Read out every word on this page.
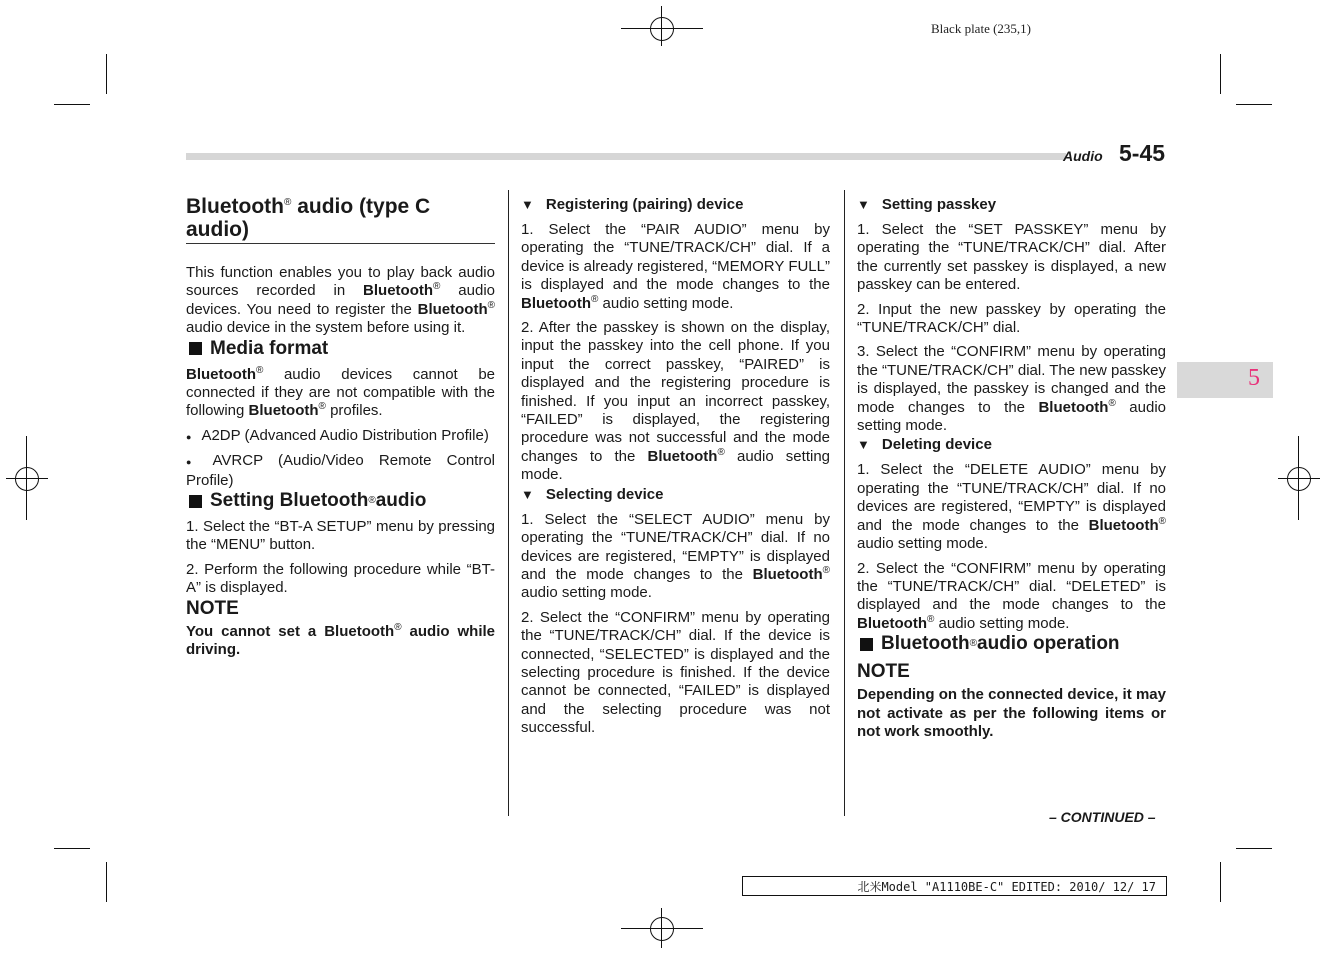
Black plate (235,1)
Audio 5-45
5
Bluetooth® audio (type C audio)

This function enables you to play back audio sources recorded in Bluetooth® audio devices. You need to register the Bluetooth® audio device in the system before using it.

Media format

Bluetooth® audio devices cannot be connected if they are not compatible with the following Bluetooth® profiles.

● A2DP (Advanced Audio Distribution Profile)

● AVRCP (Audio/Video Remote Control Profile)

Setting Bluetooth ® audio

1. Select the “BT-A SETUP” menu by pressing the “MENU” button.

2. Perform the following procedure while “BT-A” is displayed.

NOTE

You cannot set a Bluetooth® audio while driving.

▼ Registering (pairing) device

1. Select the “PAIR AUDIO” menu by operating the “TUNE/TRACK/CH” dial. If a device is already registered, “MEMORY FULL” is displayed and the mode changes to the Bluetooth® audio setting mode.

2. After the passkey is shown on the display, input the passkey into the cell phone. If you input the correct passkey, “PAIRED” is displayed and the registering procedure is finished. If you input an incorrect passkey, “FAILED” is displayed, the registering procedure was not successful and the mode changes to the Bluetooth® audio setting mode.

▼ Selecting device

1. Select the “SELECT AUDIO” menu by operating the “TUNE/TRACK/CH” dial. If no devices are registered, “EMPTY” is displayed and the mode changes to the Bluetooth® audio setting mode.

2. Select the “CONFIRM” menu by operating the “TUNE/TRACK/CH” dial. If the device is connected, “SELECTED” is displayed and the selecting procedure is finished. If the device cannot be connected, “FAILED” is displayed and the selecting procedure was not successful.

▼ Setting passkey

1. Select the “SET PASSKEY” menu by operating the “TUNE/TRACK/CH” dial. After the currently set passkey is displayed, a new passkey can be entered.

2. Input the new passkey by operating the “TUNE/TRACK/CH” dial.

3. Select the “CONFIRM” menu by operating the “TUNE/TRACK/CH” dial. The new passkey is displayed, the passkey is changed and the mode changes to the Bluetooth® audio setting mode.

▼ Deleting device

1. Select the “DELETE AUDIO” menu by operating the “TUNE/TRACK/CH” dial. If no devices are registered, “EMPTY” is displayed and the mode changes to the Bluetooth® audio setting mode.

2. Select the “CONFIRM” menu by operating the “TUNE/TRACK/CH” dial. “DELETED” is displayed and the mode changes to the Bluetooth® audio setting mode.

Bluetooth ® audio operation
NOTE

Depending on the connected device, it may not activate as per the following items or not work smoothly.

– CONTINUED –
北米Model "A1110BE-C" EDITED: 2010/ 12/ 17
